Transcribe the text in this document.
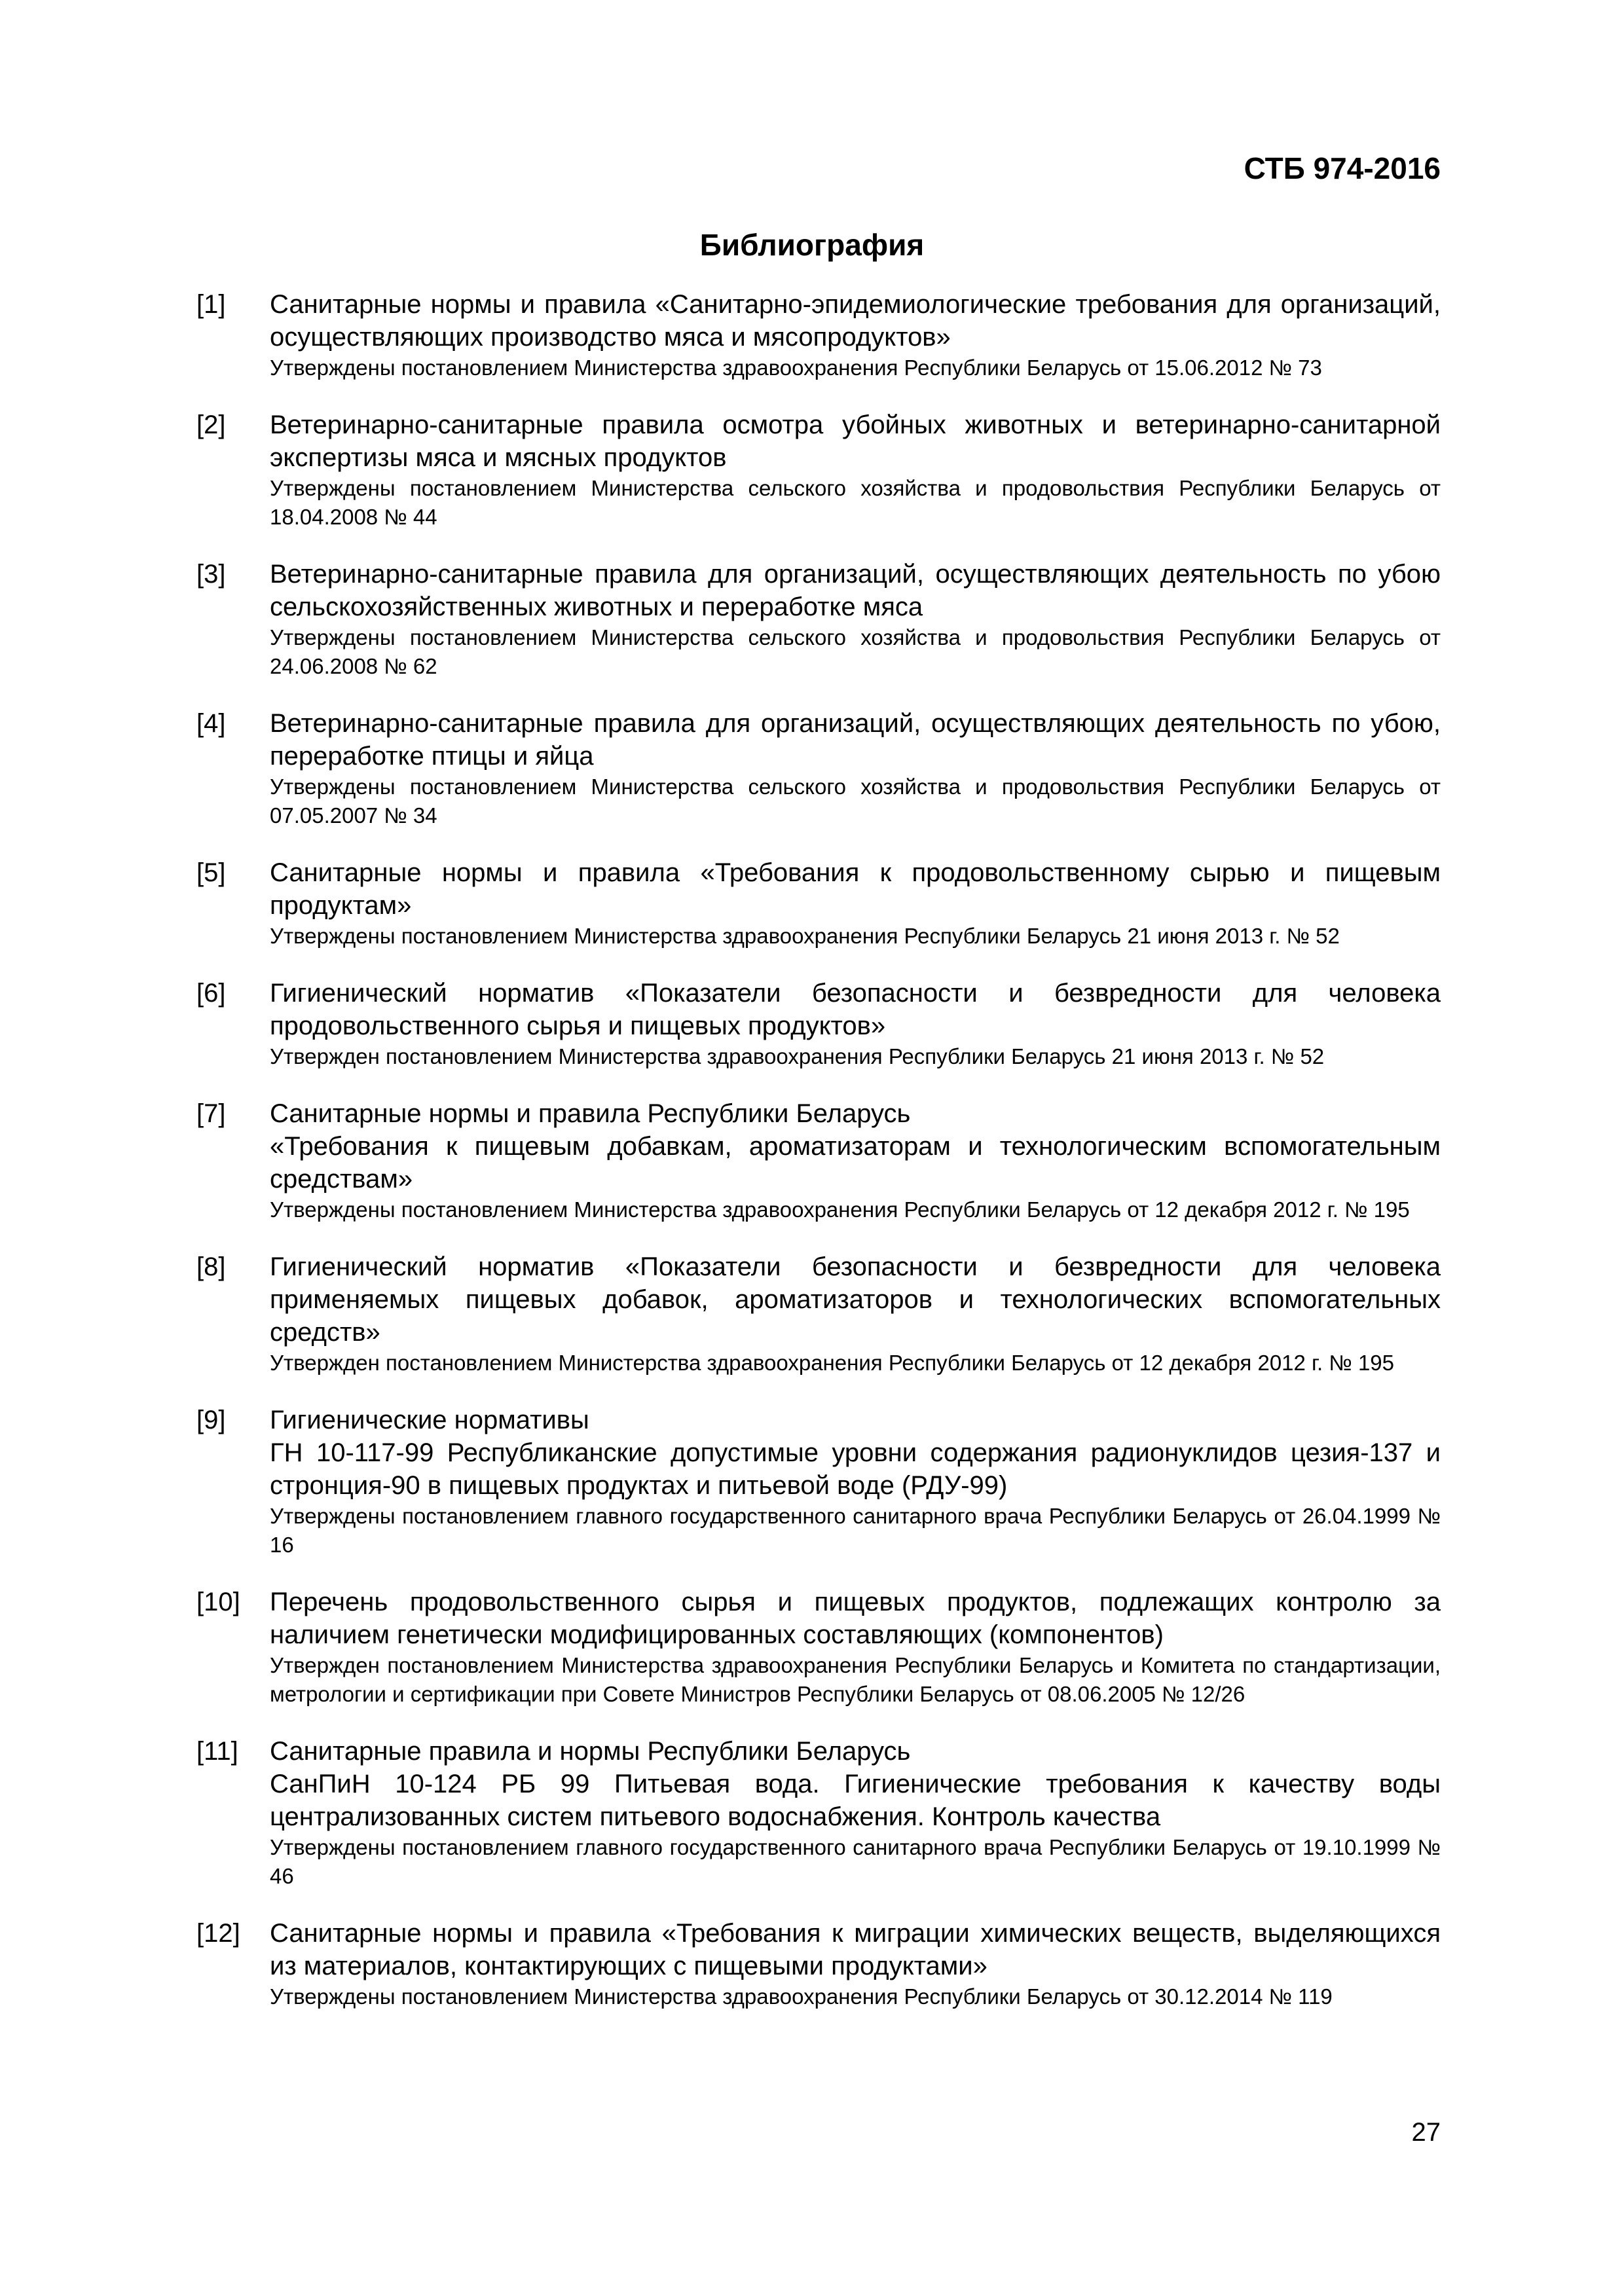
СТБ 974-2016
Библиография
[1]	Санитарные нормы и правила «Санитарно-эпидемиологические требования для организаций, осуществляющих производство мяса и мясопродуктов»
Утверждены постановлением Министерства здравоохранения Республики Беларусь от 15.06.2012 № 73
[2]	Ветеринарно-санитарные правила осмотра убойных животных и ветеринарно-санитарной экспертизы мяса и мясных продуктов
Утверждены постановлением Министерства сельского хозяйства и продовольствия Республики Беларусь от 18.04.2008 № 44
[3]	Ветеринарно-санитарные правила для организаций, осуществляющих деятельность по убою сельскохозяйственных животных и переработке мяса
Утверждены постановлением Министерства сельского хозяйства и продовольствия Республики Беларусь от 24.06.2008 № 62
[4]	Ветеринарно-санитарные правила для организаций, осуществляющих деятельность по убою, переработке птицы и яйца
Утверждены постановлением Министерства сельского хозяйства и продовольствия Республики Беларусь от 07.05.2007 № 34
[5]	Санитарные нормы и правила «Требования к продовольственному сырью и пищевым продуктам»
Утверждены постановлением Министерства здравоохранения Республики Беларусь 21 июня 2013 г. № 52
[6]	Гигиенический норматив «Показатели безопасности и безвредности для человека продовольственного сырья и пищевых продуктов»
Утвержден постановлением Министерства здравоохранения Республики Беларусь 21 июня 2013 г. № 52
[7]	Санитарные нормы и правила Республики Беларусь
«Требования к пищевым добавкам, ароматизаторам и технологическим вспомогательным средствам»
Утверждены постановлением Министерства здравоохранения Республики Беларусь от 12 декабря 2012 г. № 195
[8]	Гигиенический норматив «Показатели безопасности и безвредности для человека применяемых пищевых добавок, ароматизаторов и технологических вспомогательных средств»
Утвержден постановлением Министерства здравоохранения Республики Беларусь от 12 декабря 2012 г. № 195
[9]	Гигиенические нормативы
ГН 10-117-99 Республиканские допустимые уровни содержания радионуклидов цезия-137 и стронция-90 в пищевых продуктах и питьевой воде (РДУ-99)
Утверждены постановлением главного государственного санитарного врача Республики Беларусь от 26.04.1999 № 16
[10]	Перечень продовольственного сырья и пищевых продуктов, подлежащих контролю за наличием генетически модифицированных составляющих (компонентов)
Утвержден постановлением Министерства здравоохранения Республики Беларусь и Комитета по стандартизации, метрологии и сертификации при Совете Министров Республики Беларусь от 08.06.2005 № 12/26
[11]	Санитарные правила и нормы Республики Беларусь
СанПиН 10-124 РБ 99 Питьевая вода. Гигиенические требования к качеству воды централизованных систем питьевого водоснабжения. Контроль качества
Утверждены постановлением главного государственного санитарного врача Республики Беларусь от 19.10.1999 № 46
[12]	Санитарные нормы и правила «Требования к миграции химических веществ, выделяющихся из материалов, контактирующих с пищевыми продуктами»
Утверждены постановлением Министерства здравоохранения Республики Беларусь от 30.12.2014 № 119
27
